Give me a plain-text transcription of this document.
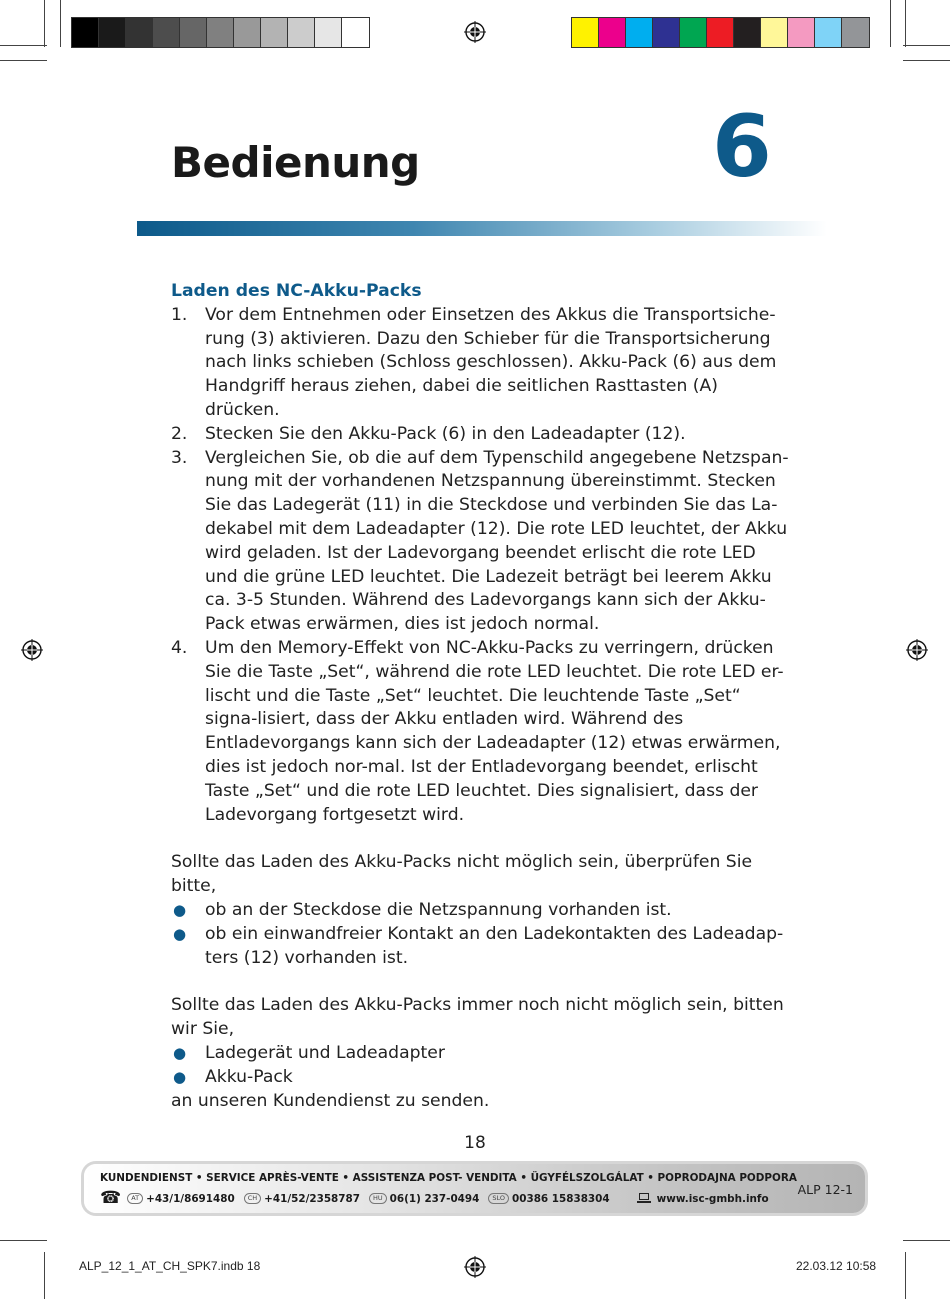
Bedienung	6
Laden des NC-Akku-Packs
1. Vor dem Entnehmen oder Einsetzen des Akkus die Transportsiche-rung (3) aktivieren. Dazu den Schieber für die Transportsicherung nach links schieben (Schloss geschlossen). Akku-Pack (6) aus dem Handgriff heraus ziehen, dabei die seitlichen Rasttasten (A) drücken.
2. Stecken Sie den Akku-Pack (6) in den Ladeadapter (12).
3. Vergleichen Sie, ob die auf dem Typenschild angegebene Netzspan-nung mit der vorhandenen Netzspannung übereinstimmt. Stecken Sie das Ladegerät (11) in die Steckdose und verbinden Sie das La-dekabel mit dem Ladeadapter (12). Die rote LED leuchtet, der Akku wird geladen. Ist der Ladevorgang beendet erlischt die rote LED und die grüne LED leuchtet. Die Ladezeit beträgt bei leerem Akku ca. 3-5 Stunden. Während des Ladevorgangs kann sich der Akku-Pack etwas erwärmen, dies ist jedoch normal.
4. Um den Memory-Effekt von NC-Akku-Packs zu verringern, drücken Sie die Taste „Set“, während die rote LED leuchtet. Die rote LED er-lischt und die Taste „Set“ leuchtet. Die leuchtende Taste „Set“ signa-lisiert, dass der Akku entladen wird. Während des Entladevorgangs kann sich der Ladeadapter (12) etwas erwärmen, dies ist jedoch nor-mal. Ist der Entladevorgang beendet, erlischt Taste „Set“ und die rote LED leuchtet. Dies signalisiert, dass der Ladevorgang fortgesetzt wird.

Sollte das Laden des Akku-Packs nicht möglich sein, überprüfen Sie bitte,

● ob an der Steckdose die Netzspannung vorhanden ist.
● ob ein einwandfreier Kontakt an den Ladekontakten des Ladeadap-ters (12) vorhanden ist.

Sollte das Laden des Akku-Packs immer noch nicht möglich sein, bitten wir Sie,

● Ladegerät und Ladeadapter
● Akku-Pack

an unseren Kundendienst zu senden.

18
KUNDENDIENST • SERVICE APRÈS-VENTE • ASSISTENZA POST- VENDITA • ÜGYFÉLSZOLGÁLAT • POPRODAJNA PODPORA
☎	AT +43/1/8691480	CH +41/52/2358787	HU 06(1) 237-0494	SLO 00386 15838304	www.isc-gmbh.info
ALP 12-1
ALP_12_1_AT_CH_SPK7.indb 18	22.03.12 10:58
